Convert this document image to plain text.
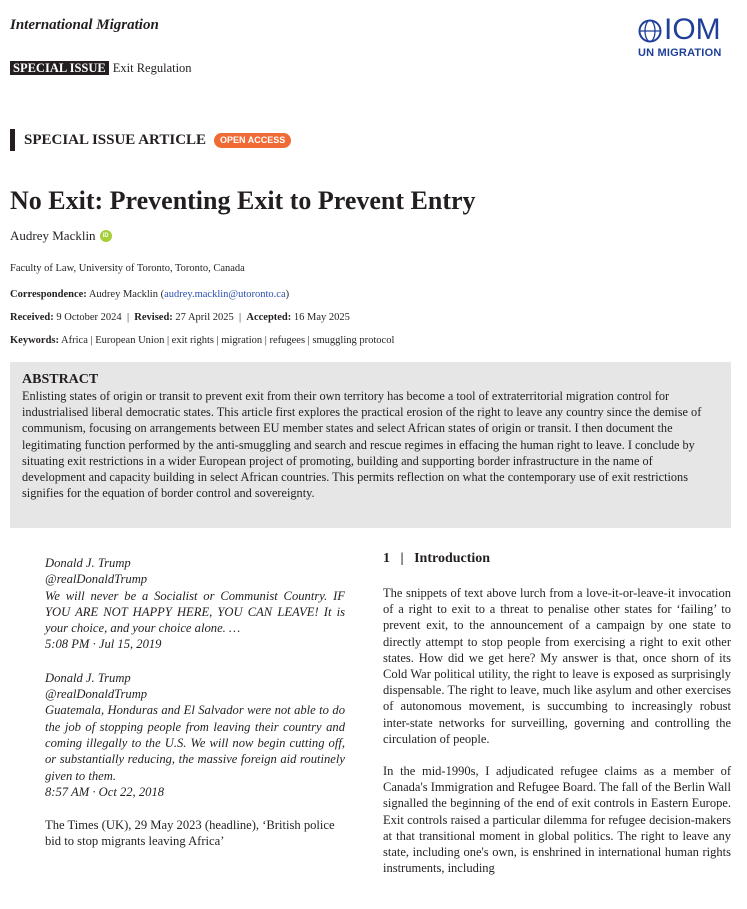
International Migration	IOM
UN MIGRATION
SPECIAL ISSUE Exit Regulation
SPECIAL ISSUE ARTICLE	OPEN ACCESS
No Exit: Preventing Exit to Prevent Entry
Audrey Macklin	iD
Faculty of Law, University of Toronto, Toronto, Canada
Correspondence: Audrey Macklin (audrey.macklin@utoronto.ca)
Received: 9 October 2024  |  Revised: 27 April 2025  |  Accepted: 16 May 2025
Keywords: Africa | European Union | exit rights | migration | refugees | smuggling protocol
ABSTRACT

Enlisting states of origin or transit to prevent exit from their own territory has become a tool of extraterritorial migration control for industrialised liberal democratic states. This article first explores the practical erosion of the right to leave any country since the demise of communism, focusing on arrangements between EU member states and select African states of origin or transit. I then document the legitimating function performed by the anti-smuggling and search and rescue regimes in effacing the human right to leave. I conclude by situating exit restrictions in a wider European project of promoting, building and supporting border infrastructure in the name of development and capacity building in select African countries. This permits reflection on what the contemporary use of exit restrictions signifies for the equation of border control and sovereignty.

Donald J. Trump
@realDonaldTrump
We will never be a Socialist or Communist Country. IF YOU ARE NOT HAPPY HERE, YOU CAN LEAVE! It is your choice, and your choice alone. …
5:08 PM · Jul 15, 2019

Donald J. Trump
@realDonaldTrump
Guatemala, Honduras and El Salvador were not able to do the job of stopping people from leaving their country and coming illegally to the U.S. We will now begin cutting off, or substantially reducing, the massive foreign aid routinely given to them.
8:57 AM · Oct 22, 2018

The Times (UK), 29 May 2023 (headline), ‘British police bid to stop migrants leaving Africa’

1   |   Introduction

The snippets of text above lurch from a love-it-or-leave-it invocation of a right to exit to a threat to penalise other states for ‘failing’ to prevent exit, to the announcement of a campaign by one state to directly attempt to stop people from exercising a right to exit other states. How did we get here? My answer is that, once shorn of its Cold War political utility, the right to leave is exposed as surprisingly dispensable. The right to leave, much like asylum and other exercises of autonomous movement, is succumbing to increasingly robust inter-state networks for surveilling, governing and controlling the circulation of people.

In the mid-1990s, I adjudicated refugee claims as a member of Canada's Immigration and Refugee Board. The fall of the Berlin Wall signalled the beginning of the end of exit controls in Eastern Europe. Exit controls raised a particular dilemma for refugee decision-makers at that transitional moment in global politics. The right to leave any state, including one's own, is enshrined in international human rights instruments, including
